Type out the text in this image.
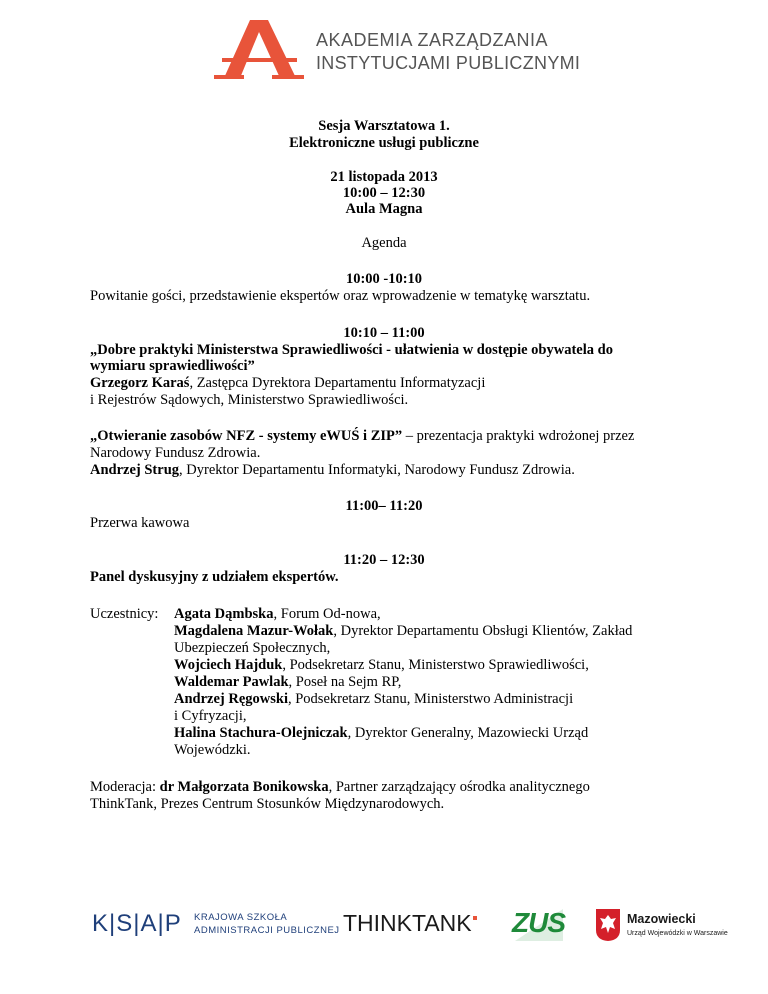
AKADEMIA ZARZĄDZANIA
INSTYTUCJAMI PUBLICZNYMI
Sesja Warsztatowa 1.
Elektroniczne usługi publiczne
21 listopada 2013
10:00 – 12:30
Aula Magna
Agenda
10:00 -10:10
Powitanie gości, przedstawienie ekspertów oraz wprowadzenie w tematykę warsztatu.
10:10 – 11:00
„Dobre praktyki Ministerstwa Sprawiedliwości - ułatwienia w dostępie obywatela do
wymiaru sprawiedliwości”
Grzegorz Karaś, Zastępca Dyrektora Departamentu Informatyzacji
i Rejestrów Sądowych, Ministerstwo Sprawiedliwości.
„Otwieranie zasobów NFZ - systemy eWUŚ i ZIP” – prezentacja praktyki wdrożonej przez
Narodowy Fundusz Zdrowia.
Andrzej Strug, Dyrektor Departamentu Informatyki, Narodowy Fundusz Zdrowia.
11:00– 11:20
Przerwa kawowa
11:20 – 12:30
Panel dyskusyjny z udziałem ekspertów.
Uczestnicy: Agata Dąmbska, Forum Od-nowa,
Magdalena Mazur-Wołak, Dyrektor Departamentu Obsługi Klientów, Zakład
Ubezpieczeń Społecznych,
Wojciech Hajduk, Podsekretarz Stanu, Ministerstwo Sprawiedliwości,
Waldemar Pawlak, Poseł na Sejm RP,
Andrzej Ręgowski, Podsekretarz Stanu, Ministerstwo Administracji
i Cyfryzacji,
Halina Stachura-Olejniczak, Dyrektor Generalny, Mazowiecki Urząd
Wojewódzki.
Moderacja: dr Małgorzata Bonikowska, Partner zarządzający ośrodka analitycznego
ThinkTank, Prezes Centrum Stosunków Międzynarodowych.
K|S|A|P KRAJOWA SZKOŁA
ADMINISTRACJI PUBLICZNEJ THINKTANK ZUS	Mazowiecki
Urząd Wojewódzki w Warszawie
